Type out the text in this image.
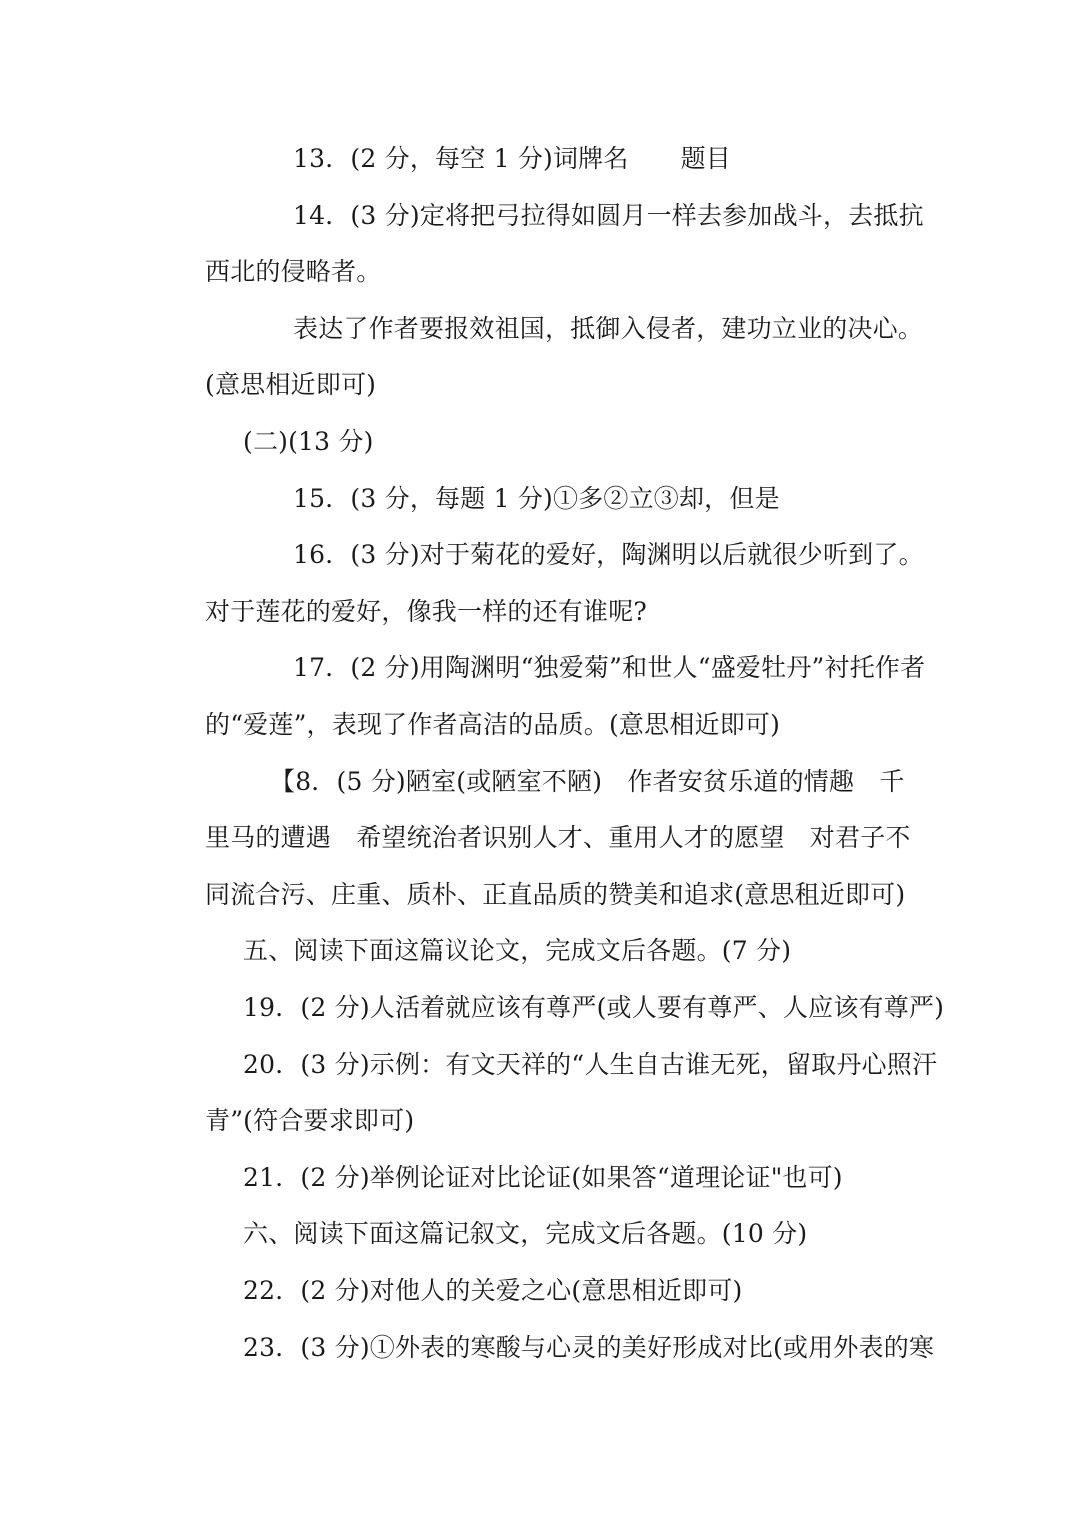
13．(2 分，每空 1 分)词牌名 题目
14．(3 分)定将把弓拉得如圆月一样去参加战斗，去抵抗
西北的侵略者。
表达了作者要报效祖国，抵御入侵者，建功立业的决心。
(意思相近即可)
(二)(13 分)
15．(3 分，每题 1 分)①多②立③却，但是
16．(3 分)对于菊花的爱好，陶渊明以后就很少听到了。
对于莲花的爱好，像我一样的还有谁呢?
17．(2 分)用陶渊明“独爱菊”和世人“盛爱牡丹”衬托作者
的“爱莲”，表现了作者高洁的品质。(意思相近即可)
【8．(5 分)陋室(或陋室不陋)　作者安贫乐道的情趣　千
里马的遭遇　希望统治者识别人才、重用人才的愿望　对君子不
同流合污、庄重、质朴、正直品质的赞美和追求(意思租近即可)
五、阅读下面这篇议论文，完成文后各题。(7 分)
19．(2 分)人活着就应该有尊严(或人要有尊严、人应该有尊严)
20．(3 分)示例：有文天祥的“人生自古谁无死，留取丹心照汗
青”(符合要求即可)
21．(2 分)举例论证对比论证(如果答“道理论证"也可)
六、阅读下面这篇记叙文，完成文后各题。(10 分)
22．(2 分)对他人的关爱之心(意思相近即可)
23．(3 分)①外表的寒酸与心灵的美好形成对比(或用外表的寒
